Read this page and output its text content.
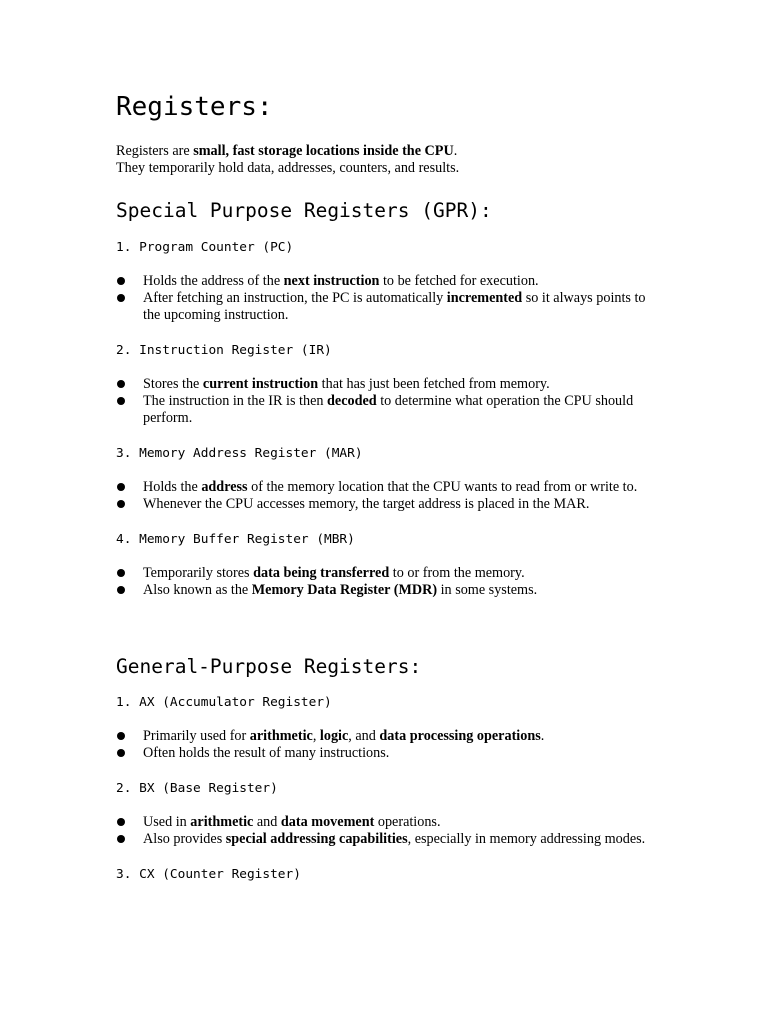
Registers:

Registers are small, fast storage locations inside the CPU.

They temporarily hold data, addresses, counters, and results.

Special Purpose Registers (GPR):

1. Program Counter (PC)

Holds the address of the next instruction to be fetched for execution.
After fetching an instruction, the PC is automatically incremented so it always points to the upcoming instruction.

2. Instruction Register (IR)

Stores the current instruction that has just been fetched from memory.
The instruction in the IR is then decoded to determine what operation the CPU should perform.

3. Memory Address Register (MAR)

Holds the address of the memory location that the CPU wants to read from or write to.
Whenever the CPU accesses memory, the target address is placed in the MAR.

4. Memory Buffer Register (MBR)

Temporarily stores data being transferred to or from the memory.
Also known as the Memory Data Register (MDR) in some systems.
General-Purpose Registers:

1. AX (Accumulator Register)

Primarily used for arithmetic, logic, and data processing operations.
Often holds the result of many instructions.

2. BX (Base Register)

Used in arithmetic and data movement operations.
Also provides special addressing capabilities, especially in memory addressing modes.

3. CX (Counter Register)
